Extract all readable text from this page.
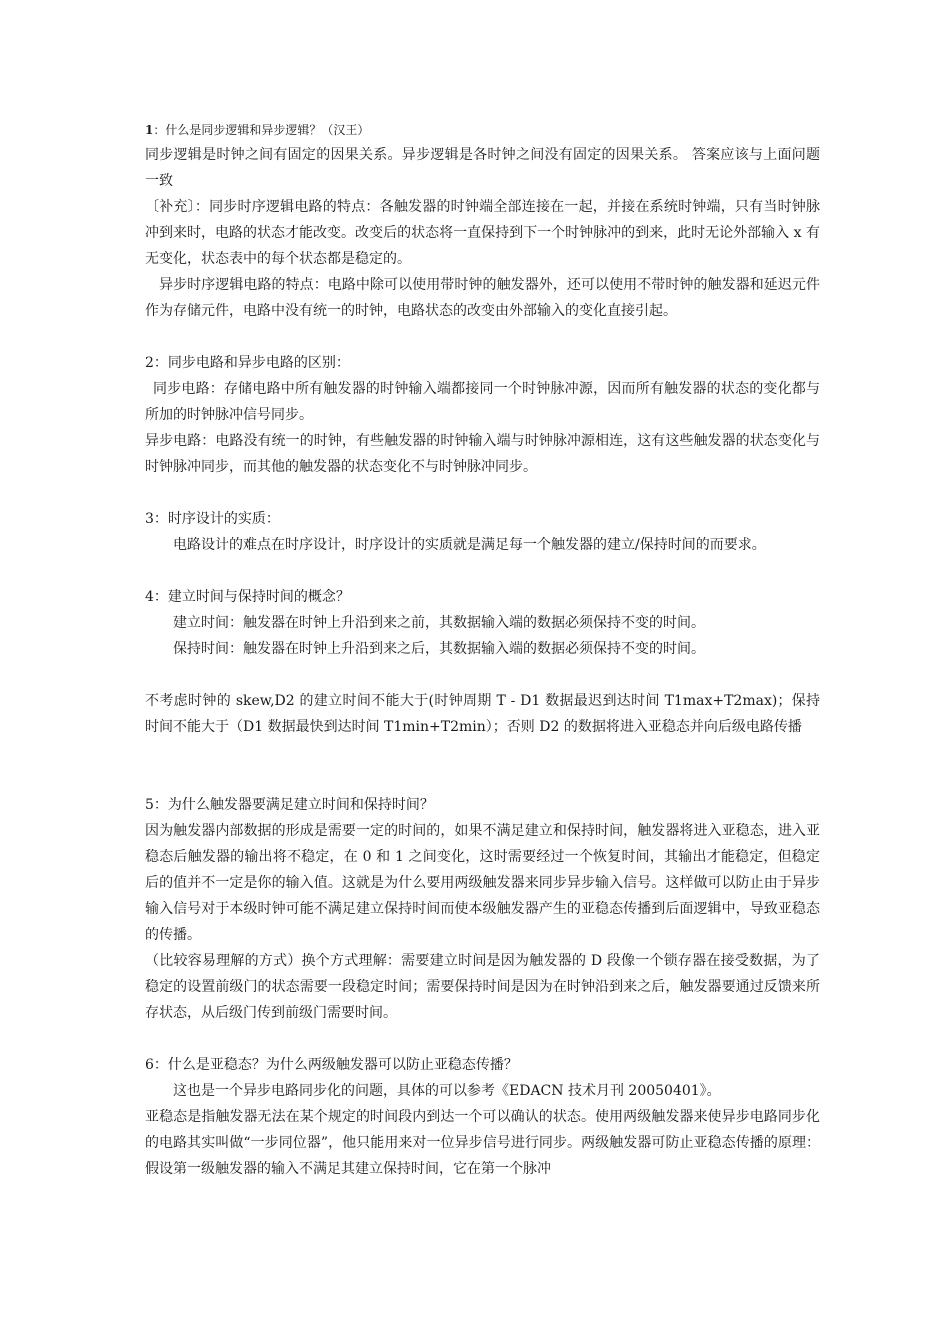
1：什么是同步逻辑和异步逻辑？（汉王）

同步逻辑是时钟之间有固定的因果关系。异步逻辑是各时钟之间没有固定的因果关系。 答案应该与上面问题一致

〔补充〕：同步时序逻辑电路的特点：各触发器的时钟端全部连接在一起，并接在系统时钟端，只有当时钟脉冲到来时，电路的状态才能改变。改变后的状态将一直保持到下一个时钟脉冲的到来，此时无论外部输入 x 有无变化，状态表中的每个状态都是稳定的。

异步时序逻辑电路的特点：电路中除可以使用带时钟的触发器外，还可以使用不带时钟的触发器和延迟元件作为存储元件，电路中没有统一的时钟，电路状态的改变由外部输入的变化直接引起。

2：同步电路和异步电路的区别：

同步电路：存储电路中所有触发器的时钟输入端都接同一个时钟脉冲源，因而所有触发器的状态的变化都与所加的时钟脉冲信号同步。

异步电路：电路没有统一的时钟，有些触发器的时钟输入端与时钟脉冲源相连，这有这些触发器的状态变化与时钟脉冲同步，而其他的触发器的状态变化不与时钟脉冲同步。

3：时序设计的实质：

电路设计的难点在时序设计，时序设计的实质就是满足每一个触发器的建立/保持时间的而要求。

4：建立时间与保持时间的概念？

建立时间：触发器在时钟上升沿到来之前，其数据输入端的数据必须保持不变的时间。

保持时间：触发器在时钟上升沿到来之后，其数据输入端的数据必须保持不变的时间。

不考虑时钟的 skew,D2 的建立时间不能大于(时钟周期 T - D1 数据最迟到达时间 T1max+T2max)；保持时间不能大于（D1 数据最快到达时间 T1min+T2min）；否则 D2 的数据将进入亚稳态并向后级电路传播

5：为什么触发器要满足建立时间和保持时间？

因为触发器内部数据的形成是需要一定的时间的，如果不满足建立和保持时间，触发器将进入亚稳态，进入亚稳态后触发器的输出将不稳定，在 0 和 1 之间变化，这时需要经过一个恢复时间，其输出才能稳定，但稳定后的值并不一定是你的输入值。这就是为什么要用两级触发器来同步异步输入信号。这样做可以防止由于异步输入信号对于本级时钟可能不满足建立保持时间而使本级触发器产生的亚稳态传播到后面逻辑中，导致亚稳态的传播。

（比较容易理解的方式）换个方式理解：需要建立时间是因为触发器的 D 段像一个锁存器在接受数据，为了稳定的设置前级门的状态需要一段稳定时间；需要保持时间是因为在时钟沿到来之后，触发器要通过反馈来所存状态，从后级门传到前级门需要时间。

6：什么是亚稳态？为什么两级触发器可以防止亚稳态传播？

这也是一个异步电路同步化的问题，具体的可以参考《EDACN 技术月刊 20050401》。

亚稳态是指触发器无法在某个规定的时间段内到达一个可以确认的状态。使用两级触发器来使异步电路同步化的电路其实叫做“一步同位器”，他只能用来对一位异步信号进行同步。两级触发器可防止亚稳态传播的原理：假设第一级触发器的输入不满足其建立保持时间，它在第一个脉冲
